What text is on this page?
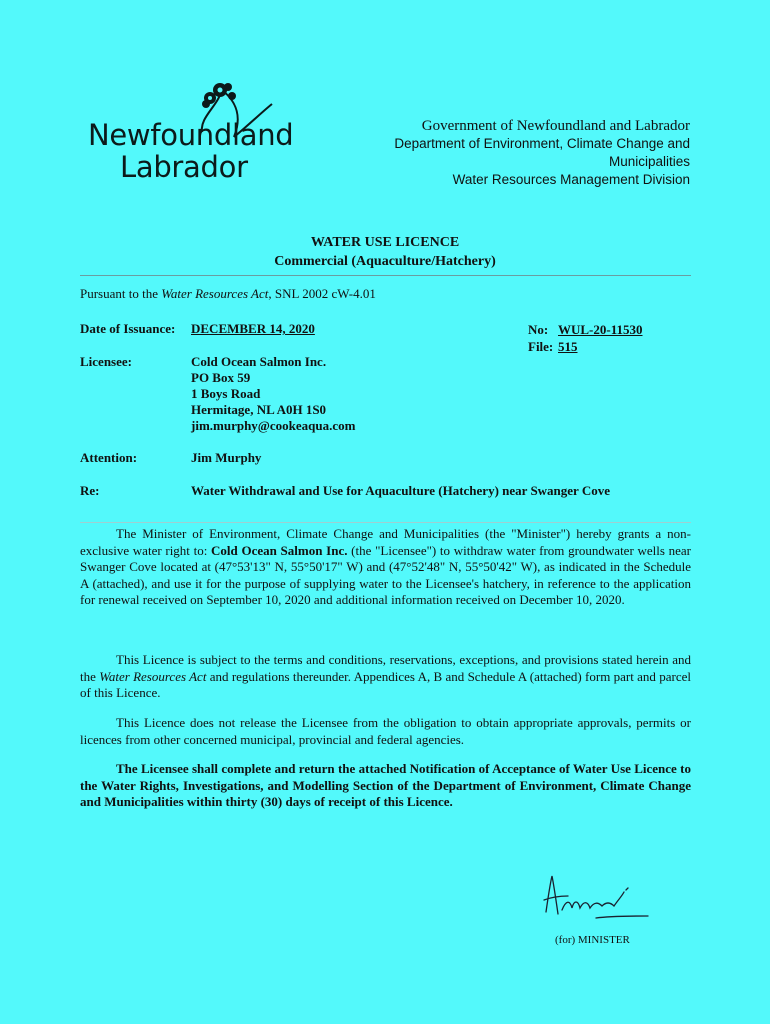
Newfoundland
Labrador
Government of Newfoundland and Labrador
Department of Environment, Climate Change and
Municipalities
Water Resources Management Division
WATER USE LICENCE
Commercial (Aquaculture/Hatchery)
Pursuant to the Water Resources Act, SNL 2002 cW-4.01
Date of Issuance: DECEMBER 14, 2020	No: WUL-20-11530
File: 515
Licensee:	Cold Ocean Salmon Inc.
PO Box 59
1 Boys Road
Hermitage, NL A0H 1S0
jim.murphy@cookeaqua.com
Attention:	Jim Murphy
Re:	Water Withdrawal and Use for Aquaculture (Hatchery) near Swanger Cove
The Minister of Environment, Climate Change and Municipalities (the "Minister") hereby grants a non-exclusive water right to: Cold Ocean Salmon Inc. (the "Licensee") to withdraw water from groundwater wells near Swanger Cove located at (47°53'13" N, 55°50'17" W) and (47°52'48" N, 55°50'42" W), as indicated in the Schedule A (attached), and use it for the purpose of supplying water to the Licensee's hatchery, in reference to the application for renewal received on September 10, 2020 and additional information received on December 10, 2020.
This Licence is subject to the terms and conditions, reservations, exceptions, and provisions stated herein and the Water Resources Act and regulations thereunder. Appendices A, B and Schedule A (attached) form part and parcel of this Licence.
This Licence does not release the Licensee from the obligation to obtain appropriate approvals, permits or licences from other concerned municipal, provincial and federal agencies.
The Licensee shall complete and return the attached Notification of Acceptance of Water Use Licence to the Water Rights, Investigations, and Modelling Section of the Department of Environment, Climate Change and Municipalities within thirty (30) days of receipt of this Licence.
(for) MINISTER
